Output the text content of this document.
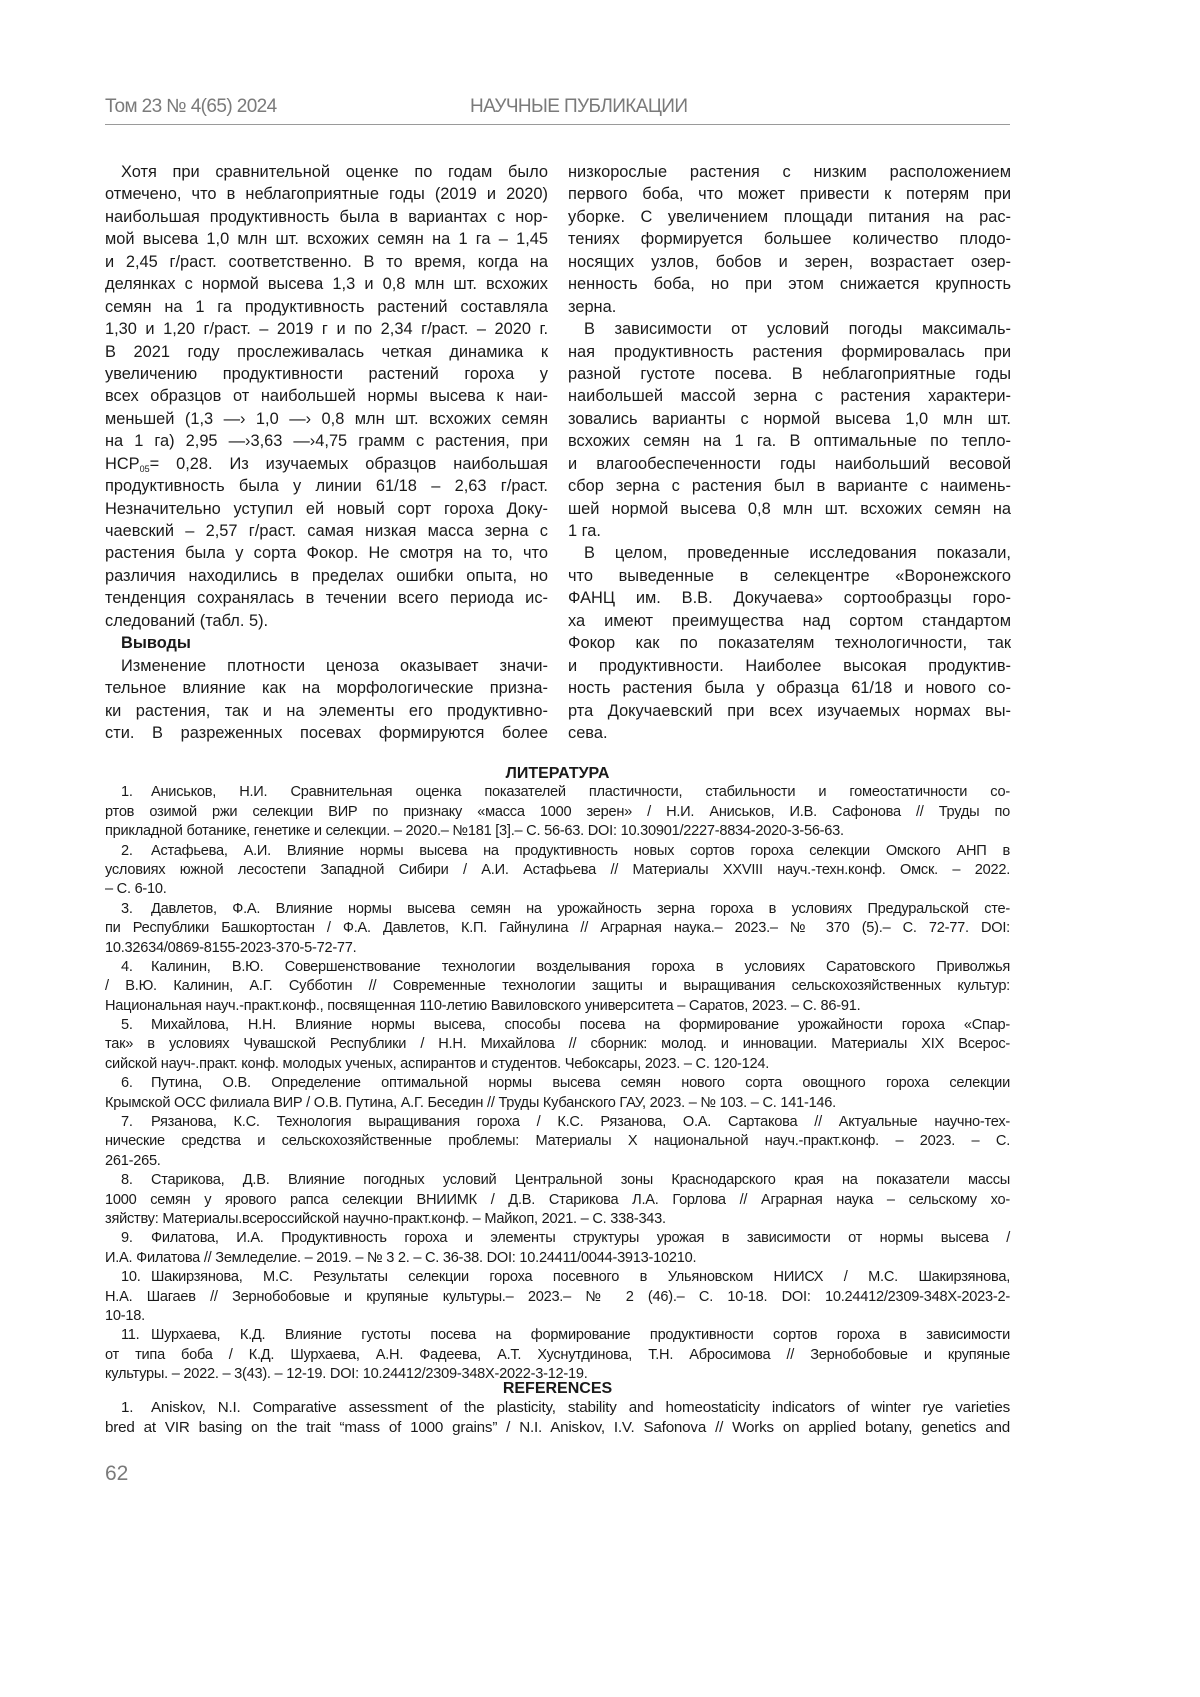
Том 23 № 4(65) 2024	НАУЧНЫЕ ПУБЛИКАЦИИ
Хотя при сравнительной оценке по годам было
отмечено, что в неблагоприятные годы (2019 и 2020)
наибольшая продуктивность была в вариантах с нор-
мой высева 1,0 млн шт. всхожих семян на 1 га – 1,45
и 2,45 г/раст. соответственно. В то время, когда на
делянках с нормой высева 1,3 и 0,8 млн шт. всхожих
семян на 1 га продуктивность растений составляла
1,30 и 1,20 г/раст. – 2019 г и по 2,34 г/раст. – 2020 г.
В 2021 году прослеживалась четкая динамика к
увеличению продуктивности растений гороха у
всех образцов от наибольшей нормы высева к наи-
меньшей (1,3 —› 1,0 —› 0,8 млн шт. всхожих семян
на 1 га) 2,95 —›3,63 —›4,75 грамм с растения, при
НСР05= 0,28. Из изучаемых образцов наибольшая
продуктивность была у линии 61/18 – 2,63 г/раст.
Незначительно уступил ей новый сорт гороха Доку-
чаевский – 2,57 г/раст. самая низкая масса зерна с
растения была у сорта Фокор. Не смотря на то, что
различия находились в пределах ошибки опыта, но
тенденция сохранялась в течении всего периода ис-
следований (табл. 5).
Выводы
Изменение плотности ценоза оказывает значи-
тельное влияние как на морфологические призна-
ки растения, так и на элементы его продуктивно-
сти. В разреженных посевах формируются более
низкорослые растения с низким расположением
первого боба, что может привести к потерям при
уборке. С увеличением площади питания на рас-
тениях формируется большее количество плодо-
носящих узлов, бобов и зерен, возрастает озер-
ненность боба, но при этом снижается крупность
зерна.
В зависимости от условий погоды максималь-
ная продуктивность растения формировалась при
разной густоте посева. В неблагоприятные годы
наибольшей массой зерна с растения характери-
зовались варианты с нормой высева 1,0 млн шт.
всхожих семян на 1 га. В оптимальные по тепло-
и влагообеспеченности годы наибольший весовой
сбор зерна с растения был в варианте с наимень-
шей нормой высева 0,8 млн шт. всхожих семян на
1 га.
В целом, проведенные исследования показали,
что выведенные в селекцентре «Воронежского
ФАНЦ им. В.В. Докучаева» сортообразцы горо-
ха имеют преимущества над сортом стандартом
Фокор как по показателям технологичности, так
и продуктивности. Наиболее высокая продуктив-
ность растения была у образца 61/18 и нового со-
рта Докучаевский при всех изучаемых нормах вы-
сева.
ЛИТЕРАТУРА
1. Аниськов, Н.И. Сравнительная оценка показателей пластичности, стабильности и гомеостатичности со-
ртов озимой ржи селекции ВИР по признаку «масса 1000 зерен» / Н.И. Аниськов, И.В. Сафонова // Труды по
прикладной ботанике, генетике и селекции. – 2020.– №181 [3].– С. 56-63. DOI: 10.30901/2227-8834-2020-3-56-63.
2. Астафьева, А.И. Влияние нормы высева на продуктивность новых сортов гороха селекции Омского АНП в
условиях южной лесостепи Западной Сибири / А.И. Астафьева // Материалы XXVIII науч.-техн.конф. Омск. – 2022.
– С. 6-10.
3. Давлетов, Ф.А. Влияние нормы высева семян на урожайность зерна гороха в условиях Предуральской сте-
пи Республики Башкортостан / Ф.А. Давлетов, К.П. Гайнулина // Аграрная наука.– 2023.– № 370 (5).– С. 72-77. DOI:
10.32634/0869-8155-2023-370-5-72-77.
4. Калинин, В.Ю. Совершенствование технологии возделывания гороха в условиях Саратовского Приволжья
/ В.Ю. Калинин, А.Г. Субботин // Современные технологии защиты и выращивания сельскохозяйственных культур:
Национальная науч.-практ.конф., посвященная 110-летию Вавиловского университета – Саратов, 2023. – С. 86-91.
5. Михайлова, Н.Н. Влияние нормы высева, способы посева на формирование урожайности гороха «Спар-
так» в условиях Чувашской Республики / Н.Н. Михайлова // сборник: молод. и инновации. Материалы XIX Всерос-
сийской науч-.практ. конф. молодых ученых, аспирантов и студентов. Чебоксары, 2023. – С. 120-124.
6. Путина, О.В. Определение оптимальной нормы высева семян нового сорта овощного гороха селекции
Крымской ОСС филиала ВИР / О.В. Путина, А.Г. Беседин // Труды Кубанского ГАУ, 2023. – № 103. – С. 141-146.
7. Рязанова, К.С. Технология выращивания гороха / К.С. Рязанова, О.А. Сартакова // Актуальные научно-тех-
нические средства и сельскохозяйственные проблемы: Материалы X национальной науч.-практ.конф. – 2023. – С.
261-265.
8. Старикова, Д.В. Влияние погодных условий Центральной зоны Краснодарского края на показатели массы
1000 семян у ярового рапса селекции ВНИИМК / Д.В. Старикова Л.А. Горлова // Аграрная наука – сельскому хо-
зяйству: Материалы.всероссийской научно-практ.конф. – Майкоп, 2021. – С. 338-343.
9. Филатова, И.А. Продуктивность гороха и элементы структуры урожая в зависимости от нормы высева /
И.А. Филатова // Земледелие. – 2019. – № 3 2. – С. 36-38. DOI: 10.24411/0044-3913-10210.
10. Шакирзянова, М.С. Результаты селекции гороха посевного в Ульяновском НИИСХ / М.С. Шакирзянова,
Н.А. Шагаев // Зернобобовые и крупяные культуры.– 2023.– № 2 (46).– С. 10-18. DOI: 10.24412/2309-348X-2023-2-
10-18.
11. Шурхаева, К.Д. Влияние густоты посева на формирование продуктивности сортов гороха в зависимости
от типа боба / К.Д. Шурхаева, А.Н. Фадеева, А.Т. Хуснутдинова, Т.Н. Абросимова // Зернобобовые и крупяные
культуры. – 2022. – 3(43). – 12-19. DOI: 10.24412/2309-348X-2022-3-12-19.
REFERENCES
1. Aniskov, N.I. Comparative assessment of the plasticity, stability and homeostaticity indicators of winter rye varieties
bred at VIR basing on the trait “mass of 1000 grains” / N.I. Aniskov, I.V. Safonova // Works on applied botany, genetics and
62
